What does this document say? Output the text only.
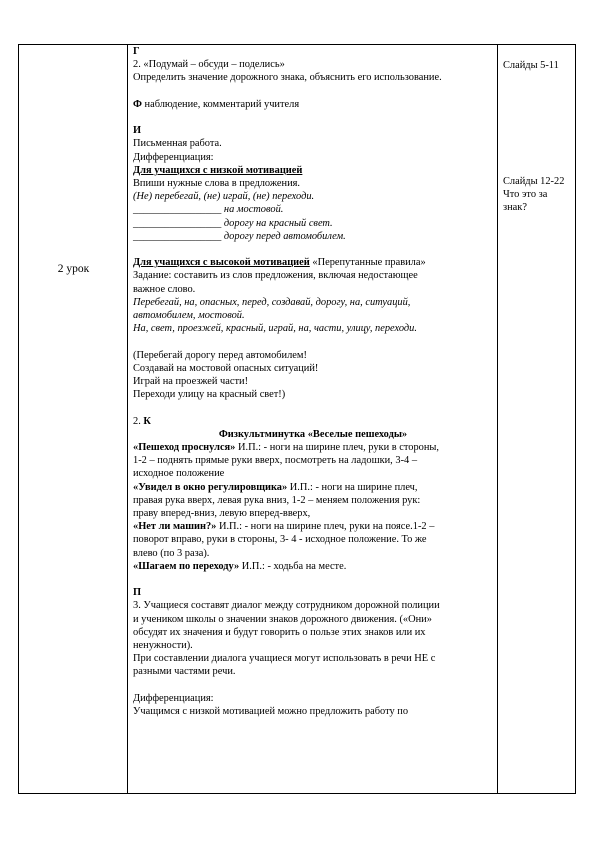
2 урок

Г

2. «Подумай – обсуди – поделись»

Определить значение дорожного знака, объяснить его использование.

Ф наблюдение, комментарий учителя

И

Письменная работа.

Дифференциация:

Для учащихся с низкой мотивацией

Впиши нужные слова в предложения.

(Не) перебегай, (не) играй, (не) переходи.

_________________ на мостовой.

_________________ дорогу на красный свет.

_________________ дорогу перед автомобилем.

Для учащихся с высокой мотивацией «Перепутанные правила»

Задание: составить из слов предложения, включая недостающее

важное слово.

Перебегай, на, опасных, перед, создавай, дорогу, на, ситуаций,

автомобилем, мостовой.

На, свет, проезжей, красный, играй, на, части, улицу, переходи.

(Перебегай дорогу перед автомобилем!

Создавай на мостовой опасных ситуаций!

Играй на проезжей части!

Переходи улицу на красный свет!)

2. К

Физкультминутка «Веселые пешеходы»

«Пешеход проснулся» И.П.: - ноги на ширине плеч, руки в стороны,

1-2 – поднять прямые руки вверх, посмотреть на ладошки, 3-4 –

исходное положение

«Увидел в окно регулировщика» И.П.: - ноги на ширине плеч,

правая рука вверх, левая рука вниз, 1-2 – меняем положения рук:

праву вперед-вниз, левую вперед-вверх,

«Нет ли машин?» И.П.: - ноги на ширине плеч, руки на поясе.1-2 –

поворот вправо, руки в стороны, 3- 4 - исходное положение. То же

влево (по 3 раза).

«Шагаем по переходу» И.П.: - ходьба на месте.

П

3. Учащиеся составят диалог между сотрудником дорожной полиции

и учеником школы о значении знаков дорожного движения. («Они»

обсудят их значения и будут говорить о пользе этих знаков или их

ненужности).

При составлении диалога учащиеся могут использовать в речи НЕ с

разными частями речи.

Дифференциация:

Учащимся с низкой мотивацией можно предложить работу по

Слайды 5-11

Слайды 12-22

Что это за

знак?
